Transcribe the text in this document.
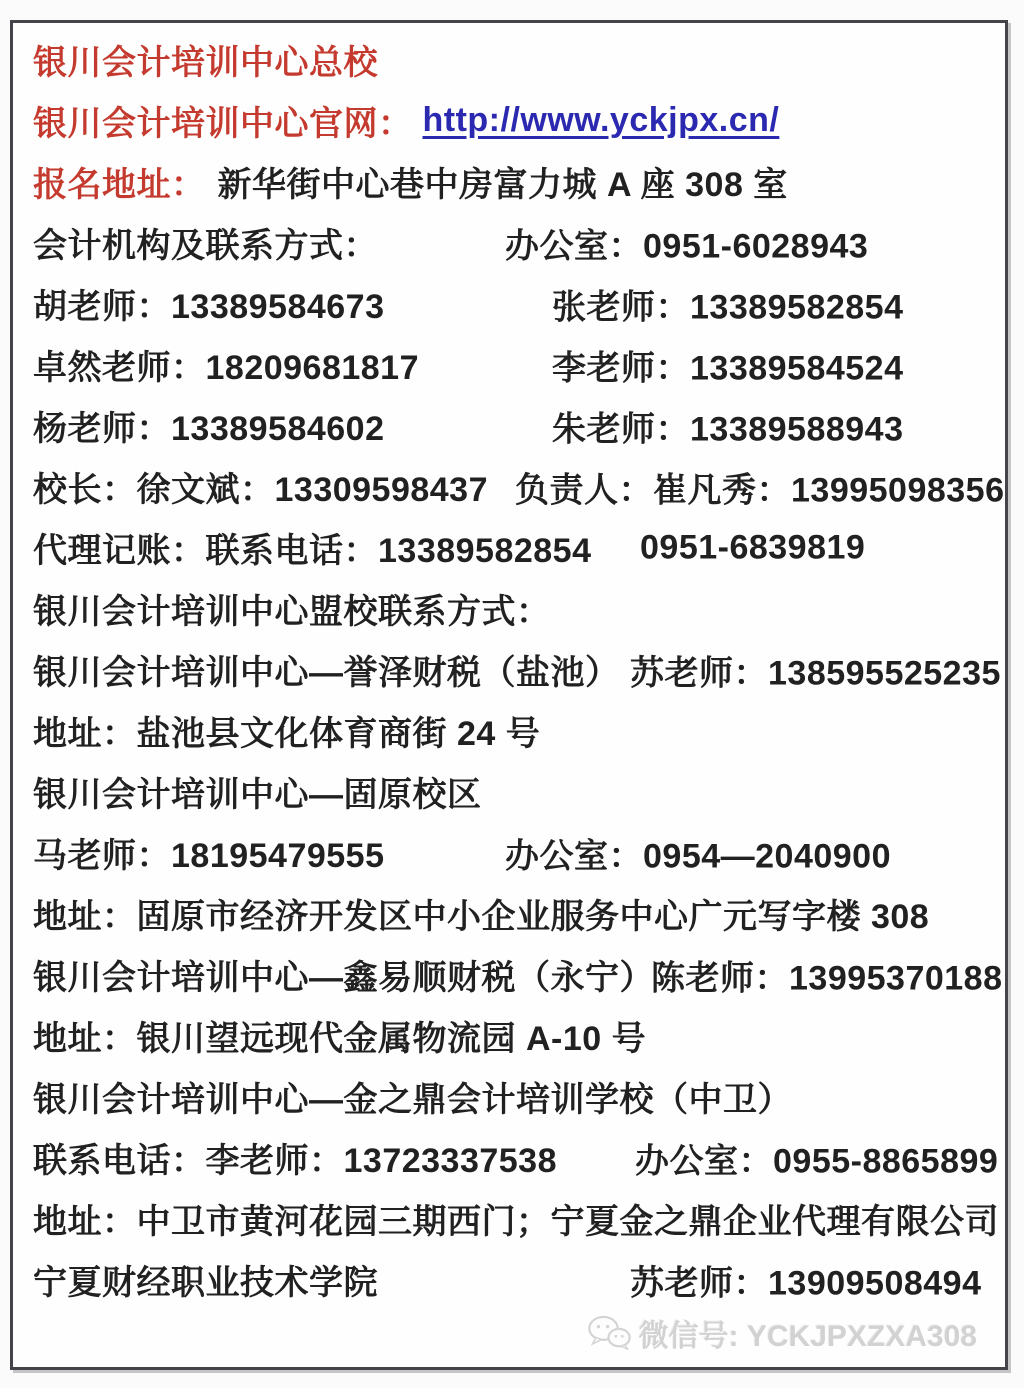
银川会计培训中心总校
银川会计培训中心官网： http://www.yckjpx.cn/
报名地址： 新华街中心巷中房富力城 A 座 308 室
会计机构及联系方式：	办公室：0951-6028943
胡老师：13389584673	张老师：13389582854
卓然老师：18209681817	李老师：13389584524
杨老师：13389584602	朱老师：13389588943
校长：徐文斌：13309598437 负责人：崔凡秀：13995098356
代理记账：联系电话：13389582854 0951-6839819
银川会计培训中心盟校联系方式：
银川会计培训中心—誉泽财税（盐池） 苏老师：138595525235
地址：盐池县文化体育商街 24 号
银川会计培训中心—固原校区
马老师：18195479555	办公室：0954—2040900
地址：固原市经济开发区中小企业服务中心广元写字楼 308
银川会计培训中心—鑫易顺财税（永宁）
陈老师：13995370188
地址：银川望远现代金属物流园 A-10 号
银川会计培训中心—金之鼎会计培训学校（中卫）
联系电话：李老师：13723337538 办公室：0955-8865899
地址：中卫市黄河花园三期西门；宁夏金之鼎企业代理有限公司
宁夏财经职业技术学院	苏老师：13909508494
微信号: YCKJPXZXA308
